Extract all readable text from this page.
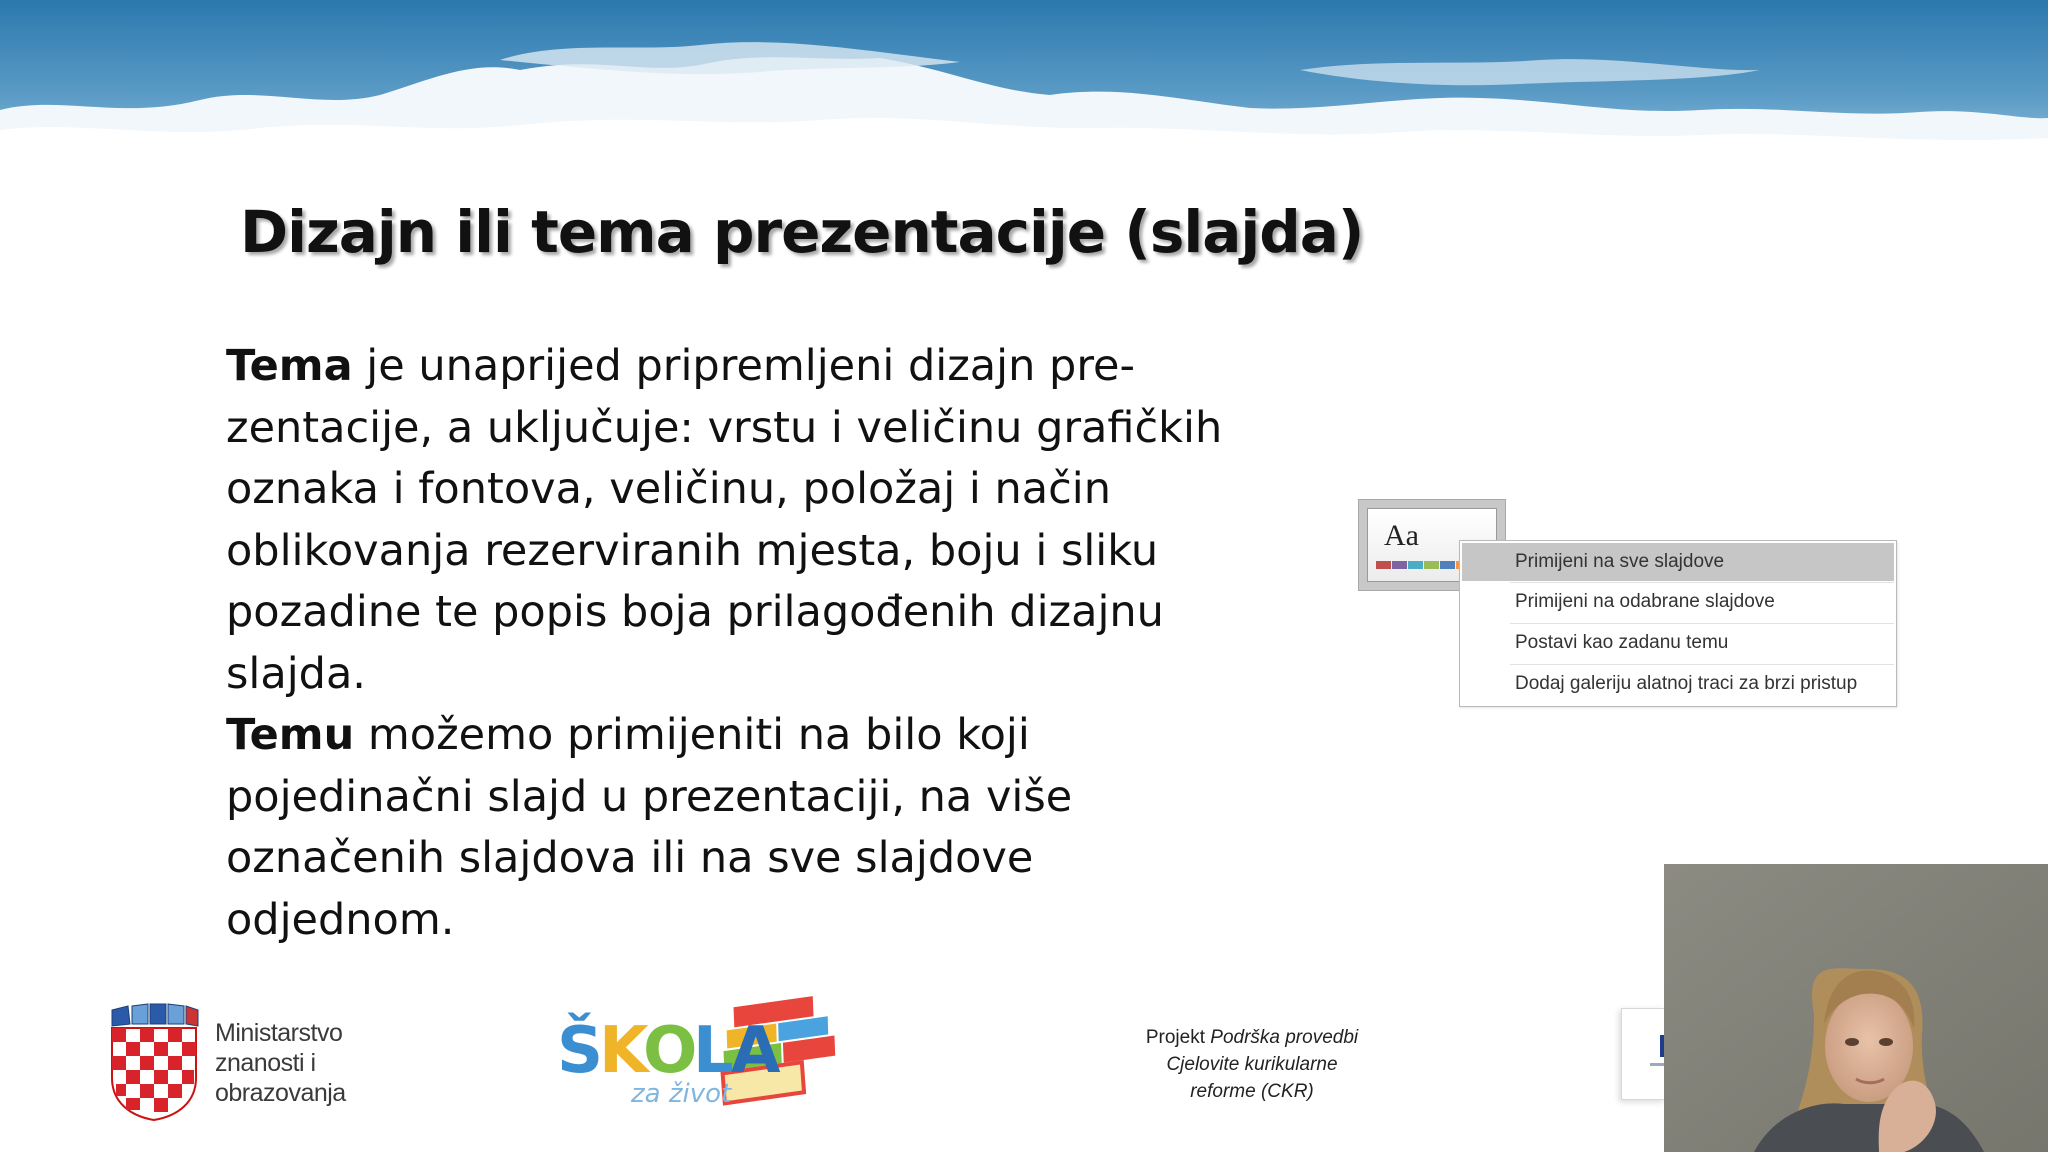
Dizajn ili tema prezentacije (slajda)
Tema je unaprijed pripremljeni dizajn pre-
zentacije, a uključuje: vrstu i veličinu grafičkih
oznaka i fontova, veličinu, položaj i način
oblikovanja rezerviranih mjesta, boju i sliku
pozadine te popis boja prilagođenih dizajnu
slajda.
Temu možemo primijeniti na bilo koji
pojedinačni slajd u prezentaciji, na više
označenih slajdova ili na sve slajdove odjednom.
Aa
Primijeni na sve slajdove
Primijeni na odabrane slajdove
Postavi kao zadanu temu
Dodaj galeriju alatnoj traci za brzi pristup
Ministarstvo
znanosti i
obrazovanja
Š
K
O
L A
za život
Projekt Podrška provedbi
Cjelovite kurikularne
reforme (CKR)
